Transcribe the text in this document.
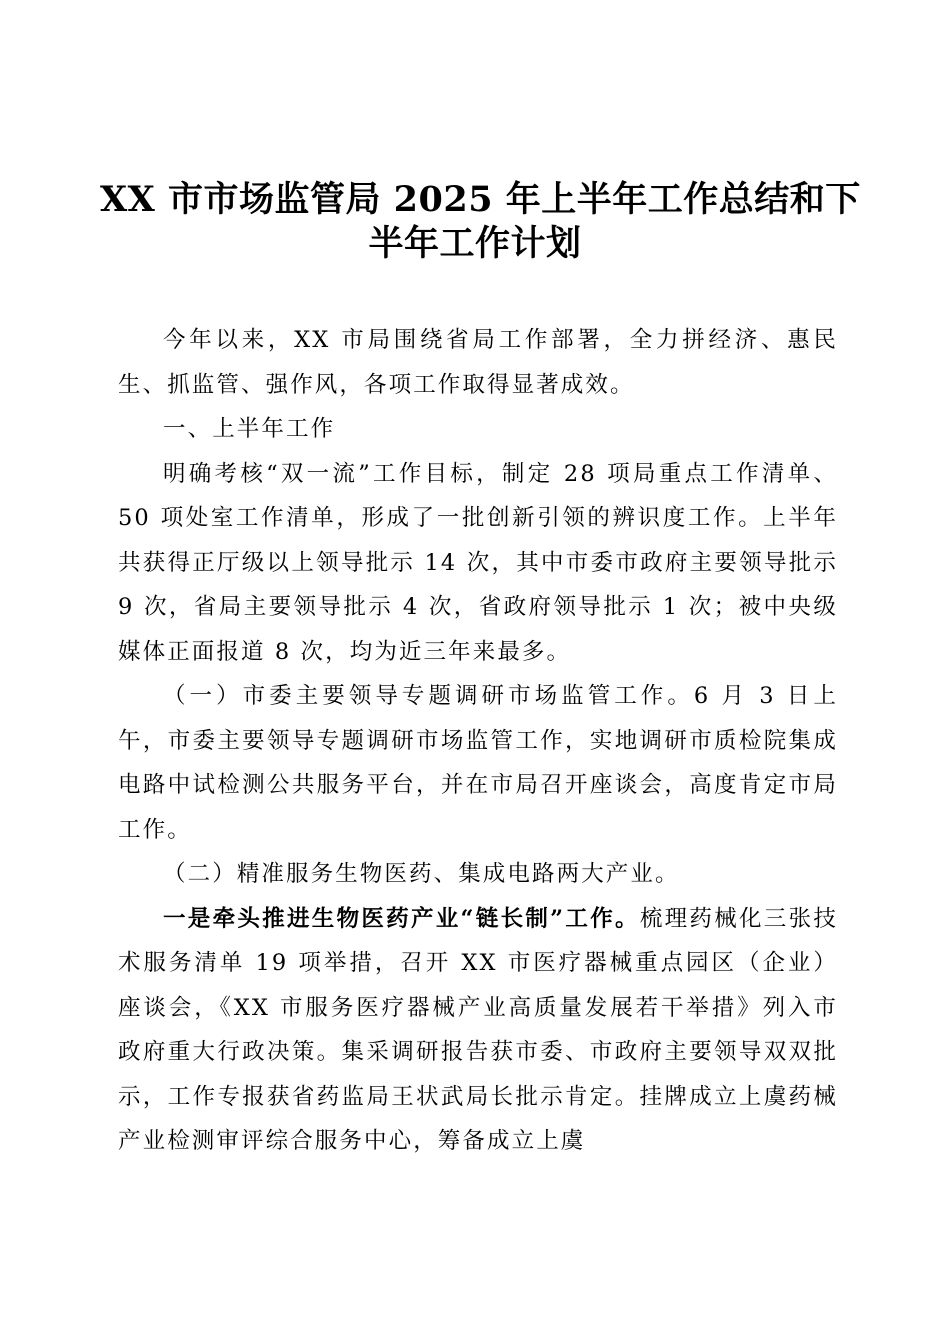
XX 市市场监管局 2025 年上半年工作总结和下
半年工作计划

今年以来，XX 市局围绕省局工作部署，全力拼经济、惠民生、抓监管、强作风，各项工作取得显著成效。

一、上半年工作

明确考核“双一流”工作目标，制定 28 项局重点工作清单、50 项处室工作清单，形成了一批创新引领的辨识度工作。上半年共获得正厅级以上领导批示 14 次，其中市委市政府主要领导批示 9 次，省局主要领导批示 4 次，省政府领导批示 1 次；被中央级媒体正面报道 8 次，均为近三年来最多。

（一）市委主要领导专题调研市场监管工作。6 月 3 日上午，市委主要领导专题调研市场监管工作，实地调研市质检院集成电路中试检测公共服务平台，并在市局召开座谈会，高度肯定市局工作。

（二）精准服务生物医药、集成电路两大产业。

一是牵头推进生物医药产业“链长制”工作。梳理药械化三张技术服务清单 19 项举措，召开 XX 市医疗器械重点园区（企业）座谈会，《XX 市服务医疗器械产业高质量发展若干举措》列入市政府重大行政决策。集采调研报告获市委、市政府主要领导双双批示，工作专报获省药监局王状武局长批示肯定。挂牌成立上虞药械产业检测审评综合服务中心，筹备成立上虞
